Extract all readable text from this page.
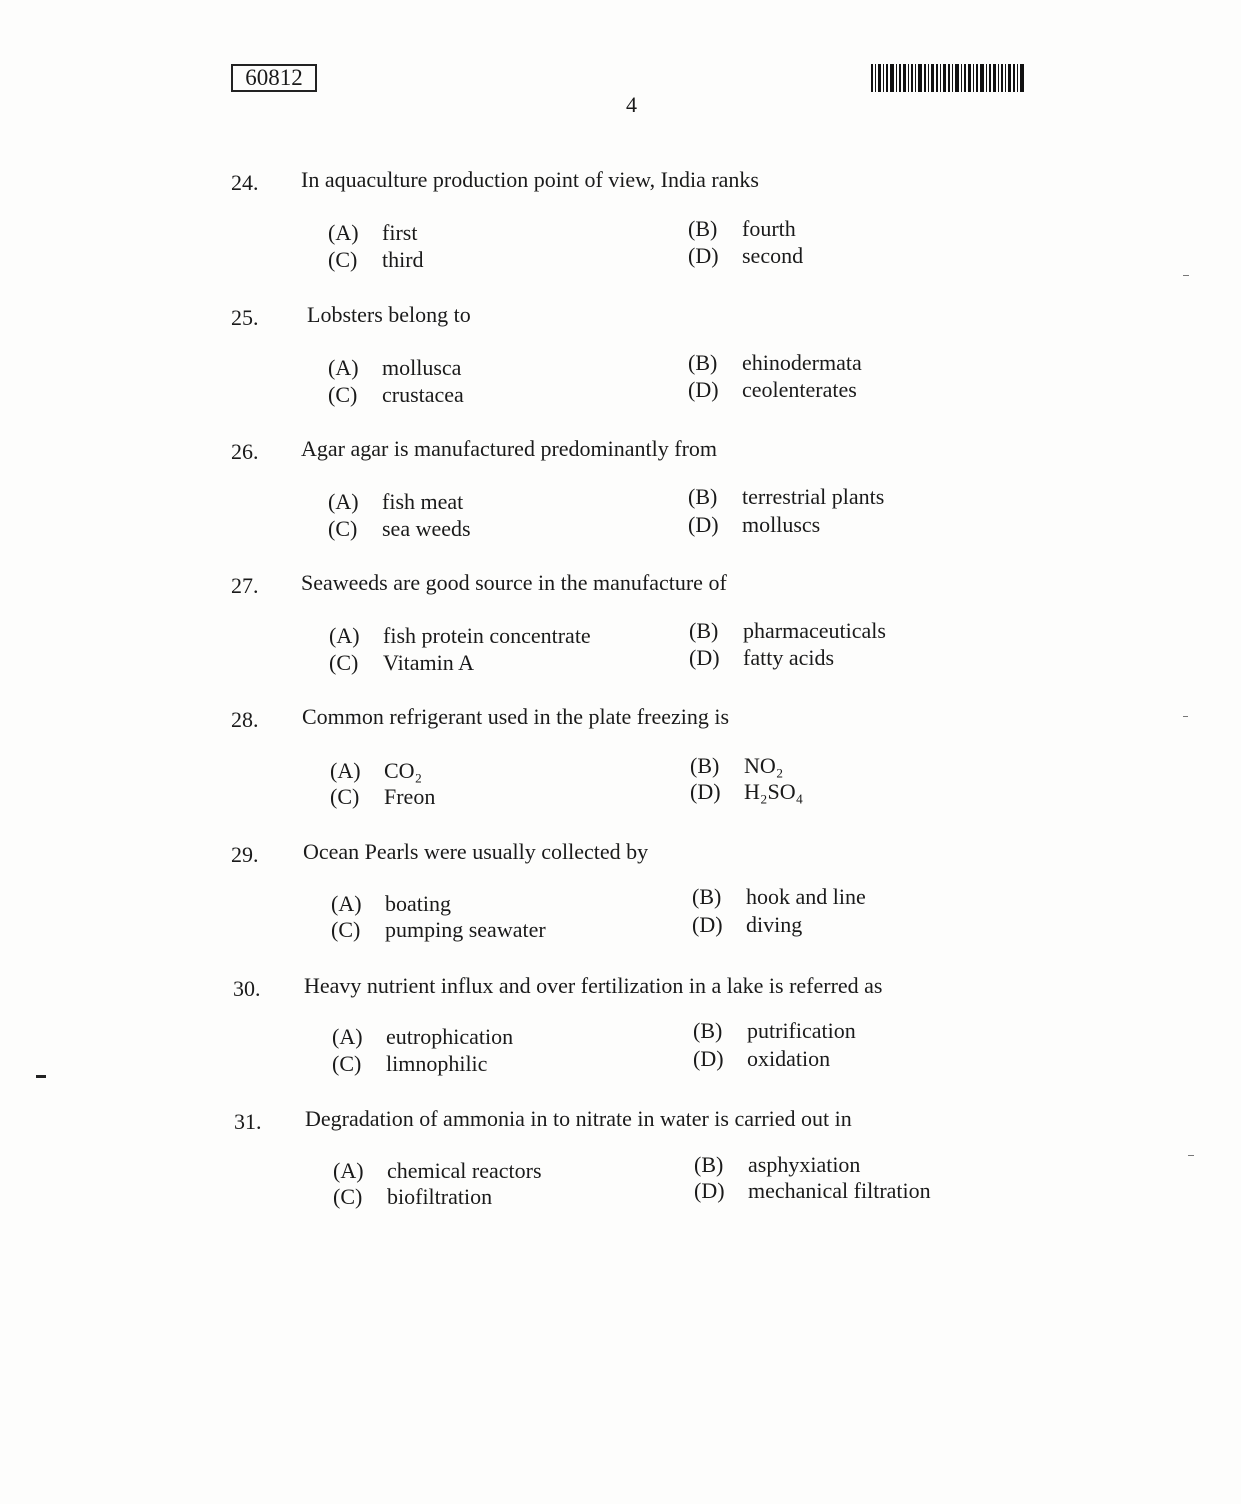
60812
4
24. In aquaculture production point of view, India ranks
(A) first	(B) fourth
(C) third	(D) second
25. Lobsters belong to
(A) mollusca	(B) ehinodermata
(C) crustacea	(D) ceolenterates
26. Agar agar is manufactured predominantly from
(A) fish meat	(B) terrestrial plants
(C) sea weeds	(D) molluscs
27. Seaweeds are good source in the manufacture of
(A) fish protein concentrate	(B) pharmaceuticals
(C) Vitamin A	(D) fatty acids
28. Common refrigerant used in the plate freezing is
(A) CO₂	(B) NO₂
(C) Freon	(D) H₂SO₄
29. Ocean Pearls were usually collected by
(A) boating	(B) hook and line
(C) pumping seawater	(D) diving
30. Heavy nutrient influx and over fertilization in a lake is referred as
(A) eutrophication	(B) putrification
(C) limnophilic	(D) oxidation
31. Degradation of ammonia in to nitrate in water is carried out in
(A) chemical reactors	(B) asphyxiation
(C) biofiltration	(D) mechanical filtration
